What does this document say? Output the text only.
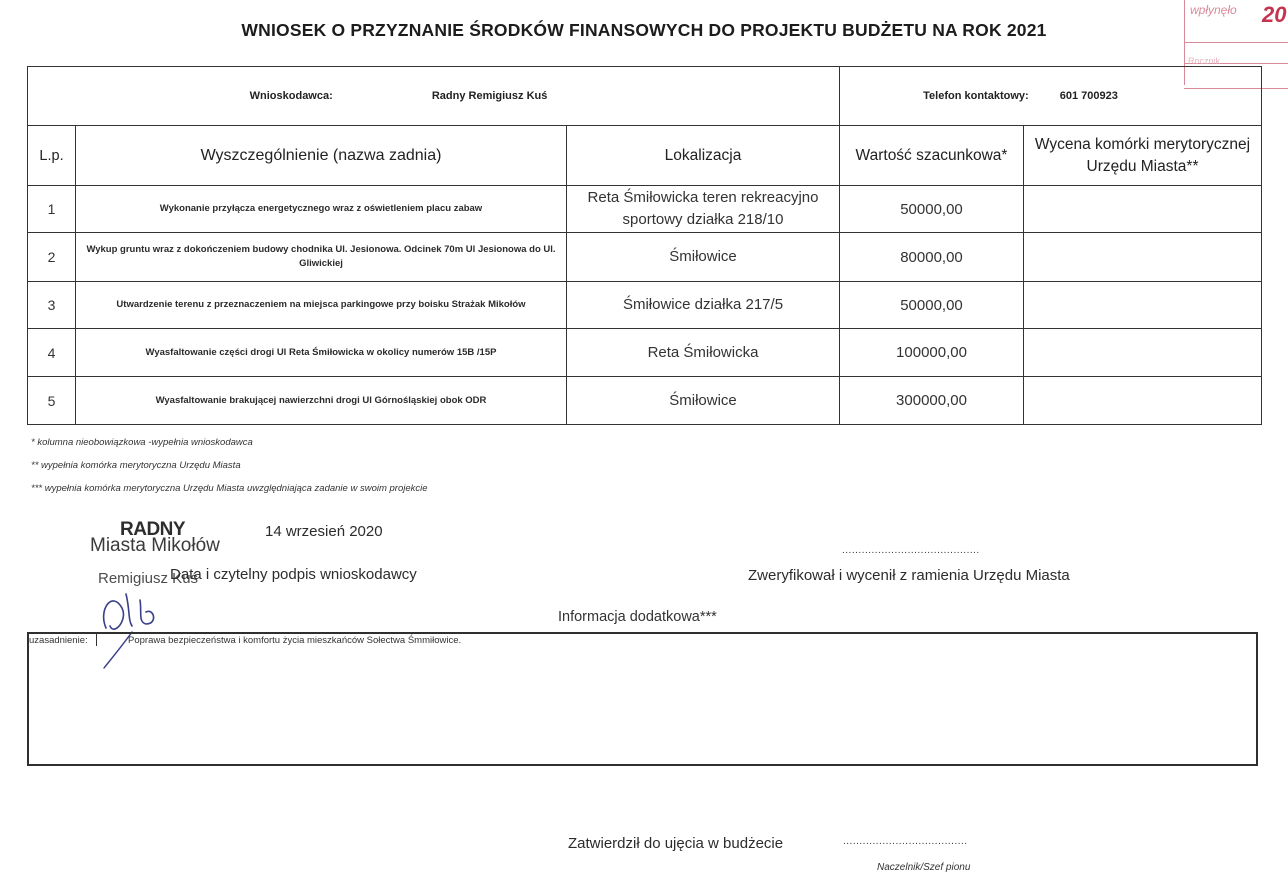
WNIOSEK O PRZYZNANIE ŚRODKÓW FINANSOWYCH DO PROJEKTU BUDŻETU NA ROK 2021
wpłynęło 20
Rocznik
Wnioskodawca: Radny Remigiusz Kuś			Telefon kontaktowy: 601 700923	
L.p.	Wyszczególnienie (nazwa zadnia)	Lokalizacja	Wartość szacunkowa*	Wycena komórki merytorycznej Urzędu Miasta**
1	Wykonanie przyłącza energetycznego wraz z oświetleniem placu zabaw	Reta Śmiłowicka teren rekreacyjno sportowy działka 218/10	50000,00	
2	Wykup gruntu wraz z dokończeniem budowy chodnika Ul. Jesionowa. Odcinek 70m Ul Jesionowa do Ul. Gliwickiej	Śmiłowice	80000,00	
3	Utwardzenie terenu z przeznaczeniem na miejsca parkingowe przy boisku Strażak Mikołów	Śmiłowice działka 217/5	50000,00	
4	Wyasfaltowanie części drogi Ul Reta Śmiłowicka w okolicy numerów 15B /15P	Reta Śmiłowicka	100000,00	
5	Wyasfaltowanie brakującej nawierzchni drogi Ul Górnośląskiej obok ODR	Śmiłowice	300000,00	
* kolumna nieobowiązkowa -wypełnia wnioskodawca
** wypełnia komórka merytoryczna Urzędu Miasta
*** wypełnia komórka merytoryczna Urzędu Miasta uwzględniająca zadanie w swoim projekcie
RADNY
Miasta Mikołów
Remigiusz Kuś
14 wrzesień 2020
Data i czytelny podpis wnioskodawcy
..........................................
Zweryfikował i wycenił z ramienia Urzędu Miasta
Informacja dodatkowa***
uzasadnienie:	Poprawa bezpieczeństwa i komfortu życia mieszkańców Sołectwa Śmmiłowice.
Zatwierdził do ujęcia w budżecie	......................................
Naczelnik/Szef pionu
